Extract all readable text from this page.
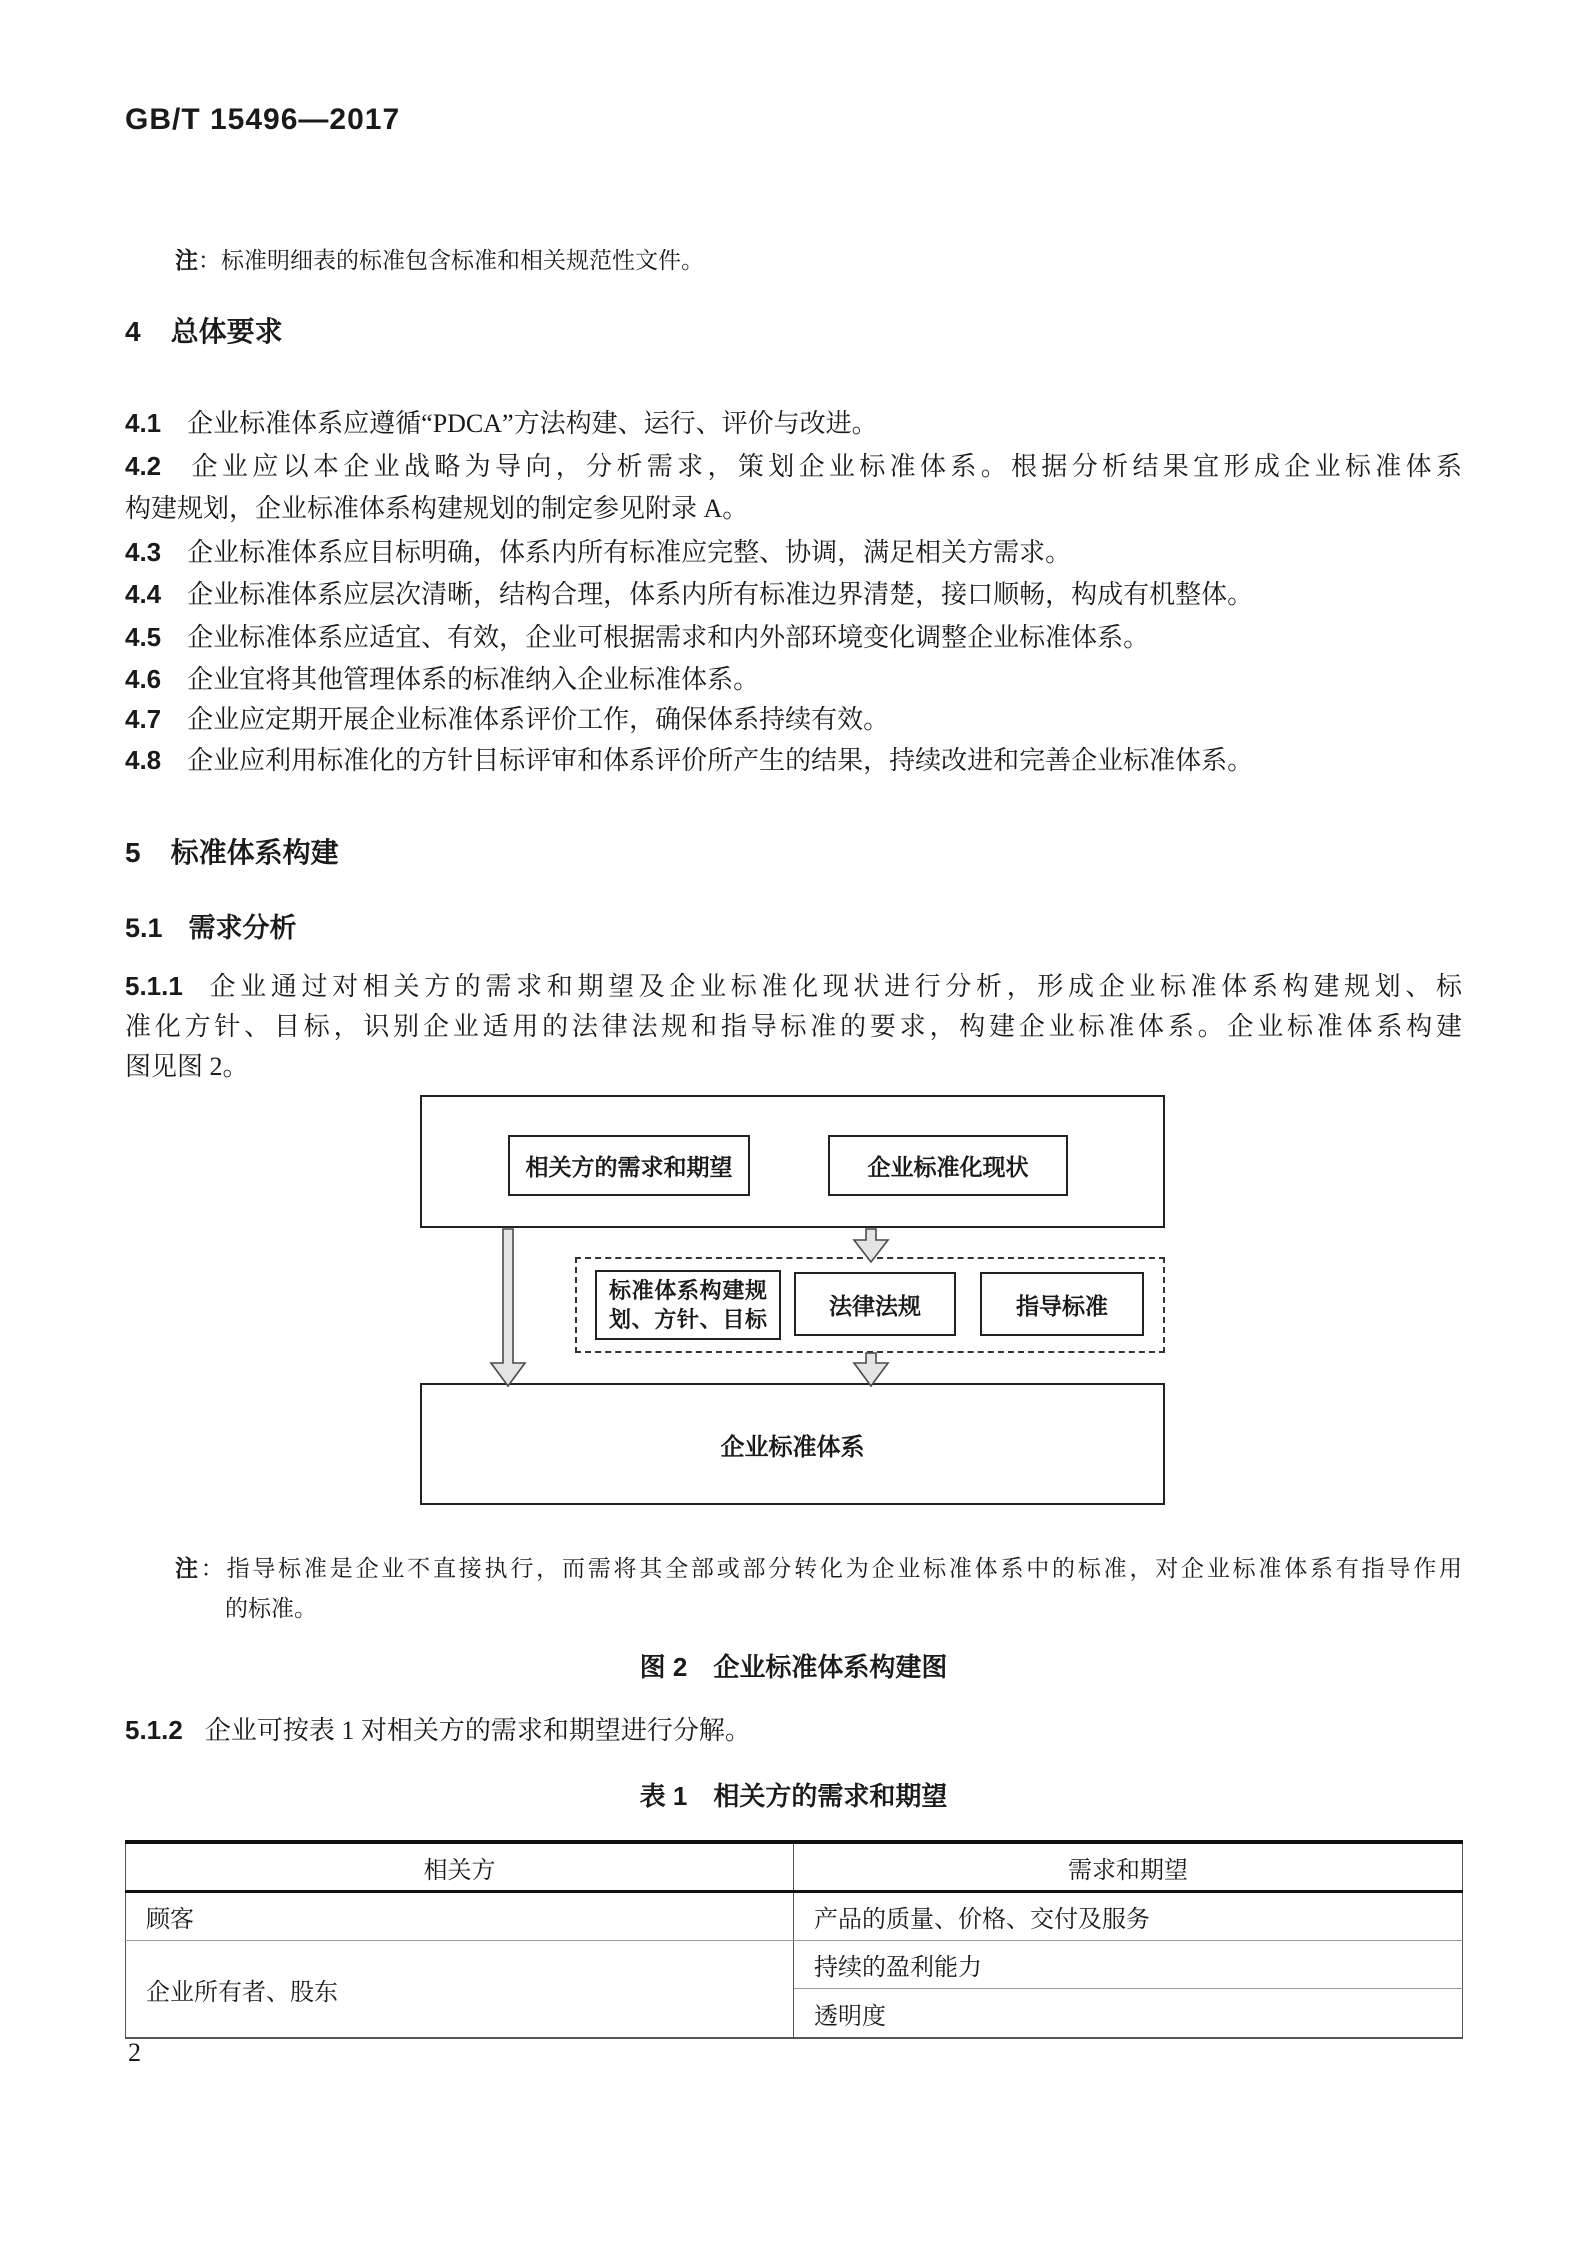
GB/T 15496—2017
注：标准明细表的标准包含标准和相关规范性文件。
4 总体要求
4.1 企业标准体系应遵循“PDCA”方法构建、运行、评价与改进。
4.2 企业应以本企业战略为导向，分析需求，策划企业标准体系。根据分析结果宜形成企业标准体系
构建规划，企业标准体系构建规划的制定参见附录 A。
4.3 企业标准体系应目标明确，体系内所有标准应完整、协调，满足相关方需求。
4.4 企业标准体系应层次清晰，结构合理，体系内所有标准边界清楚，接口顺畅，构成有机整体。
4.5 企业标准体系应适宜、有效，企业可根据需求和内外部环境变化调整企业标准体系。
4.6 企业宜将其他管理体系的标准纳入企业标准体系。
4.7 企业应定期开展企业标准体系评价工作，确保体系持续有效。
4.8 企业应利用标准化的方针目标评审和体系评价所产生的结果，持续改进和完善企业标准体系。
5 标准体系构建
5.1 需求分析
5.1.1 企业通过对相关方的需求和期望及企业标准化现状进行分析，形成企业标准体系构建规划、标
准化方针、目标，识别企业适用的法律法规和指导标准的要求，构建企业标准体系。企业标准体系构建
图见图 2。
相关方的需求和期望	企业标准化现状
标准体系构建规
划、方针、目标
法律法规	指导标准
企业标准体系
注：指导标准是企业不直接执行，而需将其全部或部分转化为企业标准体系中的标准，对企业标准体系有指导作用
的标准。
图 2 企业标准体系构建图
5.1.2 企业可按表 1 对相关方的需求和期望进行分解。
表 1 相关方的需求和期望
相关方	需求和期望
顾客	产品的质量、价格、交付及服务
企业所有者、股东	持续的盈利能力
	透明度
2
